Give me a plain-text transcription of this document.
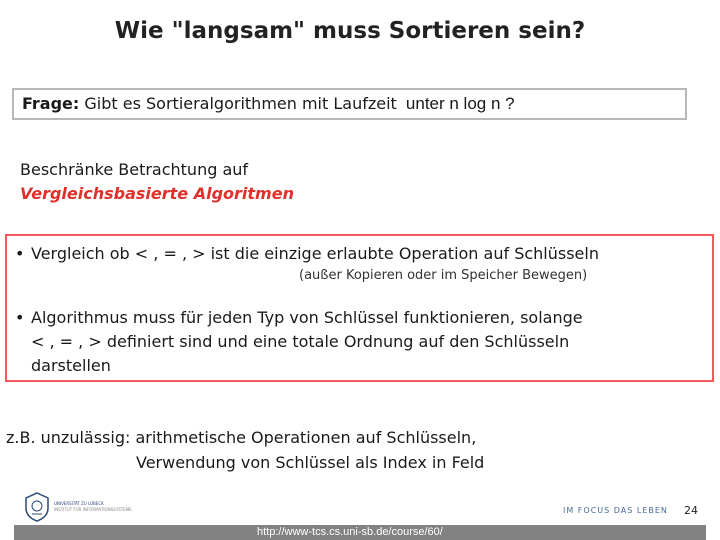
Wie "langsam" muss Sortieren sein?
Frage: Gibt es Sortieralgorithmen mit Laufzeit unter n log n ?
Beschränke Betrachtung auf
Vergleichsbasierte Algoritmen
• Vergleich ob < , = , > ist die einzige erlaubte Operation auf Schlüsseln
(außer Kopieren oder im Speicher Bewegen)
• Algorithmus muss für jeden Typ von Schlüssel funktionieren, solange
< , = , > definiert sind und eine totale Ordnung auf den Schlüsseln
darstellen
z.B. unzulässig: arithmetische Operationen auf Schlüsseln,
Verwendung von Schlüssel als Index in Feld
UNIVERSITÄT ZU LÜBECK
INSTITUT FÜR INFORMATIONSSYSTEME	IM FOCUS DAS LEBEN 24
http://www-tcs.cs.uni-sb.de/course/60/
